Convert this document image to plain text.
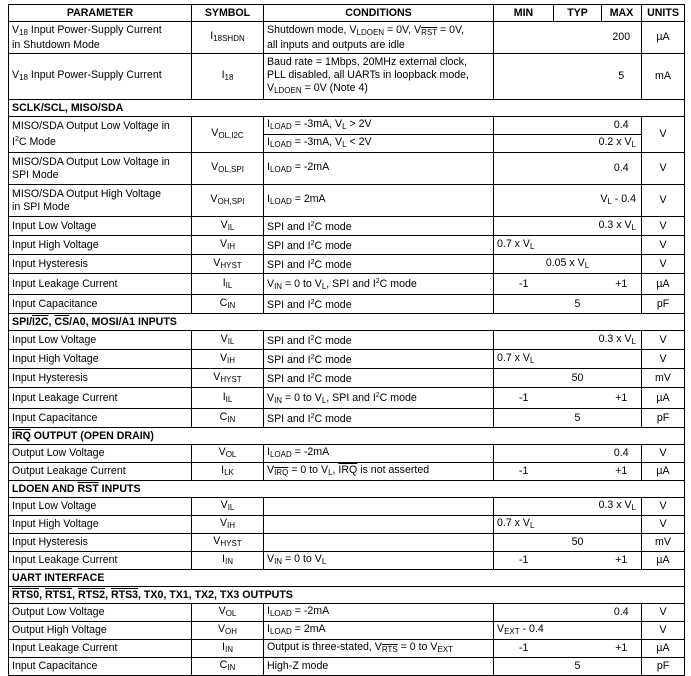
PARAMETER	SYMBOL	CONDITIONS	MIN	TYP	MAX	UNITS
$V_{18}$ Input Power-Supply Current
in Shutdown Mode	$I_{18SHDN}$	Shutdown mode, $V_{LDOEN} = 0V$, $V_{\overline{RST}} = 0V$,
all inputs and outputs are idle			200	µA
$V_{18}$ Input Power-Supply Current	$I_{18}$	Baud rate = 1Mbps, 20MHz external clock,
PLL disabled, all UARTs in loopback mode,
$V_{LDOEN} = 0V$ (Note 4)			5	mA
SCLK/SCL, MISO/SDA						
MISO/SDA Output Low Voltage in
$I^2C$ Mode	$V_{OL,I2C}$	$I_{LOAD} = -3mA$, $V_L > 2V$			0.4	V
		$I_{LOAD} = -3mA$, $V_L < 2V$		0.2 x $V_L$
MISO/SDA Output Low Voltage in
SPI Mode	$V_{OL,SPI}$	$I_{LOAD} = -2mA$			0.4	V
MISO/SDA Output High Voltage
in SPI Mode	$V_{OH,SPI}$	$I_{LOAD} = 2mA$		$V_L - 0.4$		V
Input Low Voltage	$V_{IL}$	SPI and $I^2C$ mode		0.3 x $V_L$		V
Input High Voltage	$V_{IH}$	SPI and $I^2C$ mode	0.7 x $V_L$			V
Input Hysteresis	$V_{HYST}$	SPI and $I^2C$ mode	0.05 x $V_L$			V
Input Leakage Current	$I_{IL}$	$V_{IN} = 0$ to $V_L$, SPI and $I^2C$ mode	-1		+1	µA
Input Capacitance	$C_{IN}$	SPI and $I^2C$ mode		5		pF
SPI/I2C, $\overline{CS}/A0$, MOSI/A1 INPUTS						
Input Low Voltage	$V_{IL}$	SPI and $I^2C$ mode		0.3 x $V_L$		V
Input High Voltage	$V_{IH}$	SPI and $I^2C$ mode	0.7 x $V_L$			V
Input Hysteresis	$V_{HYST}$	SPI and $I^2C$ mode		50		mV
Input Leakage Current	$I_{IL}$	$V_{IN} = 0$ to $V_L$, SPI and $I^2C$ mode	-1		+1	µA
Input Capacitance	$C_{IN}$	SPI and $I^2C$ mode		5		pF
$\overline{IRQ}$ OUTPUT (OPEN DRAIN)						
Output Low Voltage	$V_{OL}$	$I_{LOAD} = -2mA$			0.4	V
Output Leakage Current	$I_{LK}$	$V_{\overline{IRQ}} = 0$ to $V_L$, $\overline{IRQ}$ is not asserted	-1		+1	µA
LDOEN AND $\overline{RST}$ INPUTS						
Input Low Voltage	$V_{IL}$			0.3 x $V_L$		V
Input High Voltage	$V_{IH}$		0.7 x $V_L$			V
Input Hysteresis	$V_{HYST}$			50		mV
Input Leakage Current	$I_{IN}$	$V_{IN} = 0$ to $V_L$	-1		+1	µA
UART INTERFACE						
RTS0, RTS1, RTS2, RTS3, TX0, TX1, TX2, TX3 OUTPUTS						
Output Low Voltage	$V_{OL}$	$I_{LOAD} = -2mA$			0.4	V
Output High Voltage	$V_{OH}$	$I_{LOAD} = 2mA$	$V_{EXT} - 0.4$			V
Input Leakage Current	$I_{IN}$	Output is three-stated, $V_{\overline{RTS}} = 0$ to $V_{EXT}$	-1		+1	µA
Input Capacitance	$C_{IN}$	High-Z mode		5		pF
